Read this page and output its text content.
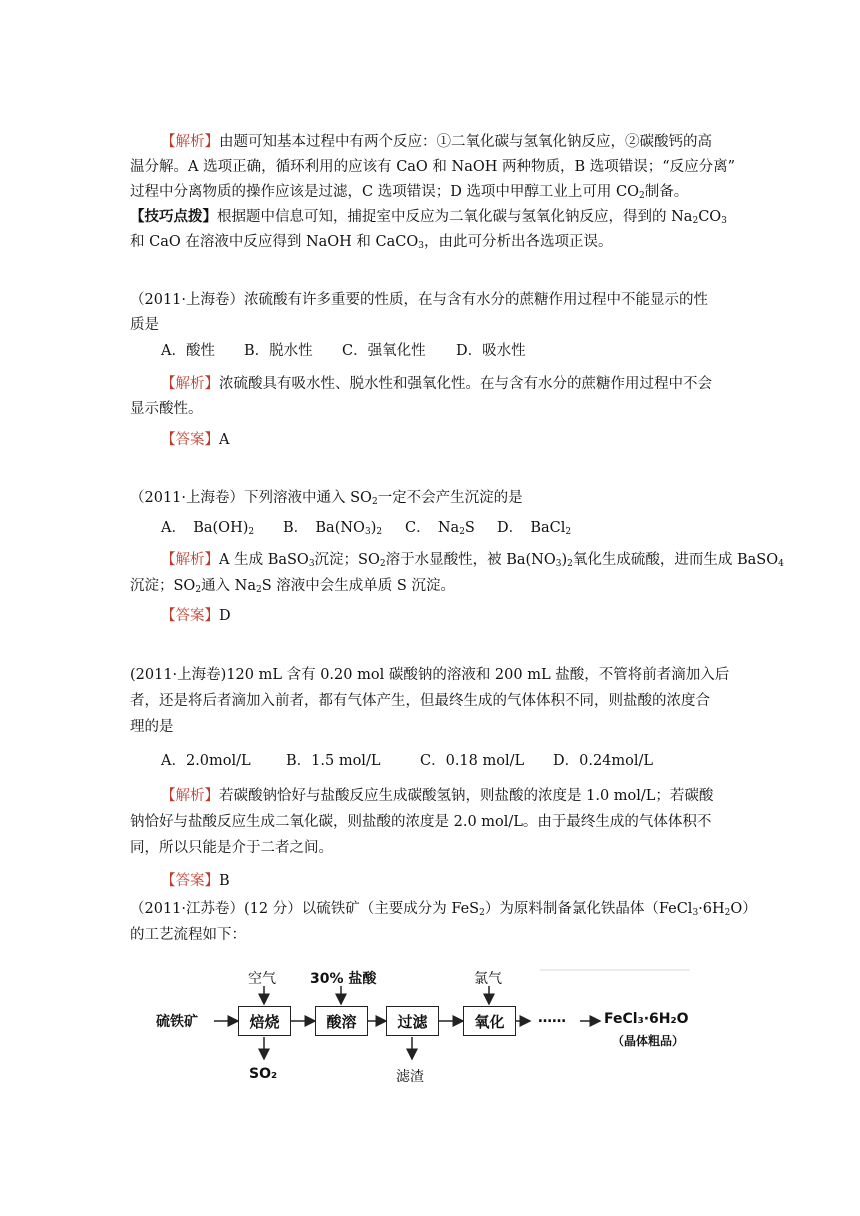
【解析】由题可知基本过程中有两个反应：①二氧化碳与氢氧化钠反应，②碳酸钙的高
温分解。A 选项正确，循环利用的应该有 CaO 和 NaOH 两种物质，B 选项错误；“反应分离”
过程中分离物质的操作应该是过滤，C 选项错误；D 选项中甲醇工业上可用 $CO_2$制备。
【技巧点拨】根据题中信息可知，捕捉室中反应为二氧化碳与氢氧化钠反应，得到的 $Na_2CO_3$
和 CaO 在溶液中反应得到 NaOH 和 CaCO$_3$，由此可分析出各选项正误。
（2011·上海卷）浓硫酸有许多重要的性质，在与含有水分的蔗糖作用过程中不能显示的性
质是
A．酸性 B．脱水性 C．强氧化性 D．吸水性
【解析】浓硫酸具有吸水性、脱水性和强氧化性。在与含有水分的蔗糖作用过程中不会
显示酸性。
【答案】A
（2011·上海卷）下列溶液中通入 $SO_2$一定不会产生沉淀的是
A．　$Ba(OH)_2$ B．　$Ba(NO_3)_2$ C．　$Na_2S$ D．　BaCl$_2$
【解析】A 生成 BaSO$_3$沉淀；$SO_2$溶于水显酸性，被 $Ba(NO_3)_2$氧化生成硫酸，进而生成 BaSO$_4$
沉淀；$SO_2$通入 $Na_2S$ 溶液中会生成单质 S 沉淀。
【答案】D
(2011·上海卷)120 mL 含有 0.20 mol 碳酸钠的溶液和 200 mL 盐酸，不管将前者滴加入后
者，还是将后者滴加入前者，都有气体产生，但最终生成的气体体积不同，则盐酸的浓度合
理的是
A．2.0mol/L B．1.5 mol/L	C．0.18 mol/L D．0.24mol/L
【解析】若碳酸钠恰好与盐酸反应生成碳酸氢钠，则盐酸的浓度是 1.0 mol/L；若碳酸
钠恰好与盐酸反应生成二氧化碳，则盐酸的浓度是 2.0 mol/L。由于最终生成的气体体积不
同，所以只能是介于二者之间。
【答案】B
（2011·江苏卷）(12 分）以硫铁矿（主要成分为 FeS$_2$）为原料制备氯化铁晶体$(FeCl_3\cdot 6H_2O)$
的工艺流程如下：
硫铁矿
空气 30% 盐酸	氯气
焙烧	酸溶	过滤	氧化	……	FeCl₃·6H₂O
（晶体粗品）
SO₂	滤渣
